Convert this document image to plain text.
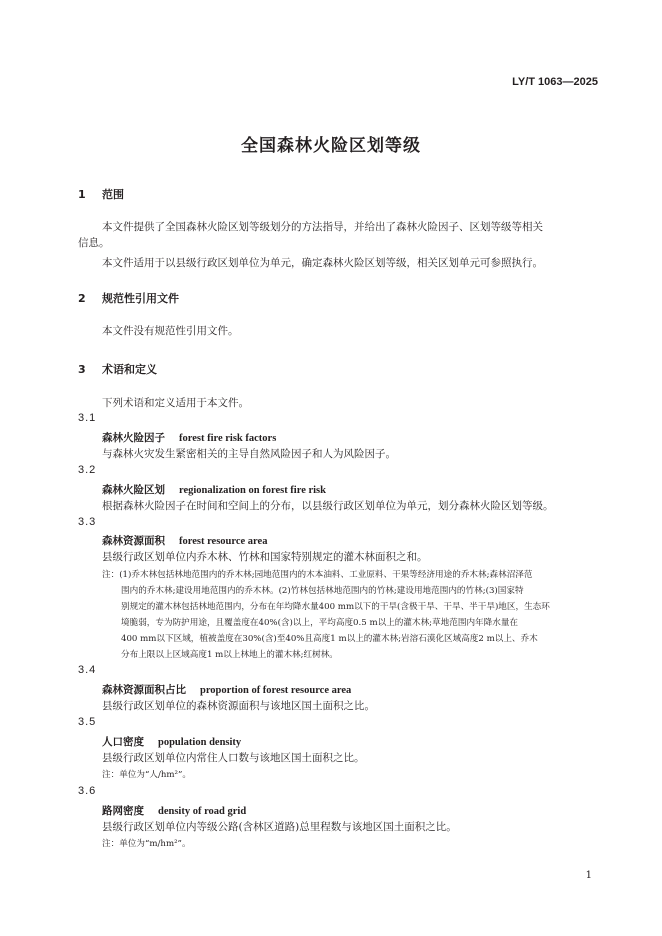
LY/T 1063—2025
全国森林火险区划等级
1 范围
本文件提供了全国森林火险区划等级划分的方法指导，并给出了森林火险因子、区划等级等相关
信息。
本文件适用于以县级行政区划单位为单元，确定森林火险区划等级，相关区划单元可参照执行。
2 规范性引用文件
本文件没有规范性引用文件。
3 术语和定义
下列术语和定义适用于本文件。
3.1
森林火险因子 forest fire risk factors
与森林火灾发生紧密相关的主导自然风险因子和人为风险因子。
3.2
森林火险区划 regionalization on forest fire risk
根据森林火险因子在时间和空间上的分布，以县级行政区划单位为单元，划分森林火险区划等级。
3.3
森林资源面积 forest resource area
县级行政区划单位内乔木林、竹林和国家特别规定的灌木林面积之和。
注：(1)乔木林包括林地范围内的乔木林;园地范围内的木本油料、工业原料、干果等经济用途的乔木林;森林沼泽范
围内的乔木林;建设用地范围内的乔木林。(2)竹林包括林地范围内的竹林;建设用地范围内的竹林;(3)国家特
别规定的灌木林包括林地范围内，分布在年均降水量400 mm以下的干旱(含极干旱、干旱、半干旱)地区，生态环
境脆弱，专为防护用途，且覆盖度在40%(含)以上，平均高度0.5 m以上的灌木林;草地范围内年降水量在
400 mm以下区域，植被盖度在30%(含)至40%且高度1 m以上的灌木林;岩溶石漠化区域高度2 m以上、乔木
分布上限以上区域高度1 m以上林地上的灌木林;红树林。
3.4
森林资源面积占比 proportion of forest resource area
县级行政区划单位的森林资源面积与该地区国土面积之比。
3.5
人口密度 population density
县级行政区划单位内常住人口数与该地区国土面积之比。
注：单位为“人/hm²”。
3.6
路网密度 density of road grid
县级行政区划单位内等级公路(含林区道路)总里程数与该地区国土面积之比。
注：单位为“m/hm²”。
1
